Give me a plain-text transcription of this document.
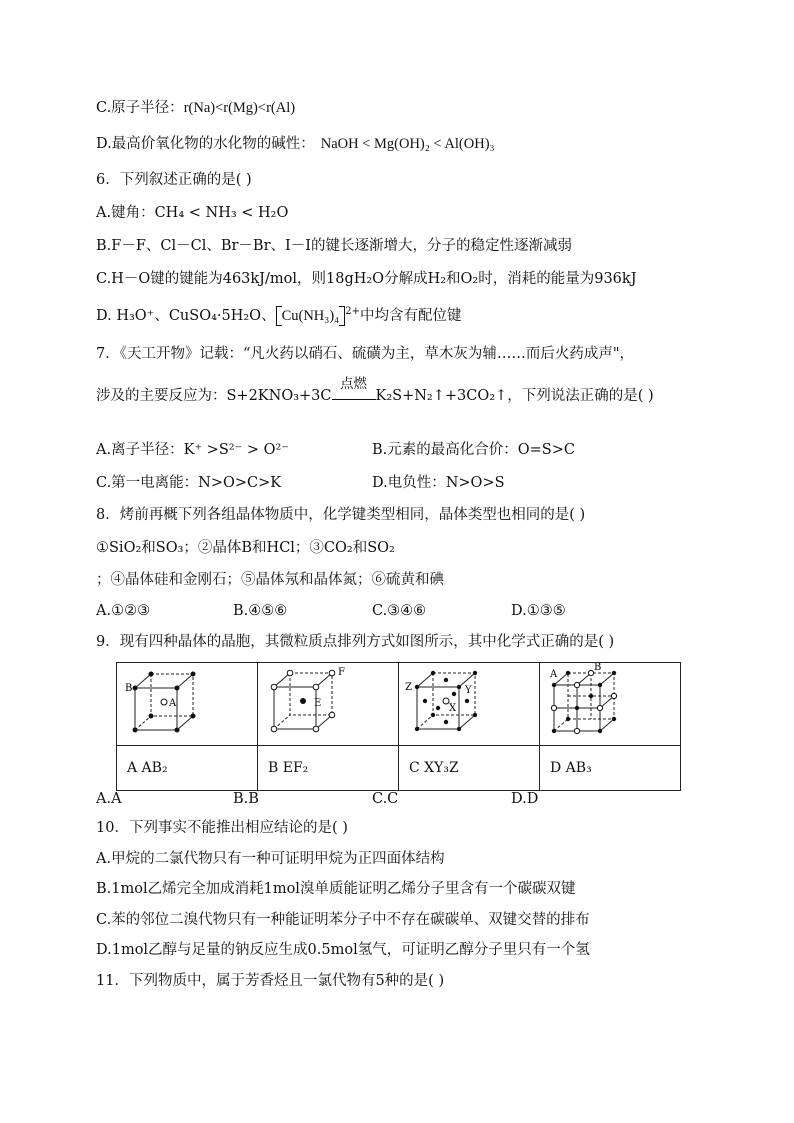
C.原子半径：r(Na)<r(Mg)<r(Al)
D.最高价氧化物的水化物的碱性： NaOH < Mg(OH)₂ < Al(OH)₃
6．下列叙述正确的是( )
A.键角：CH₄ < NH₃ < H₂O
B.F－F、Cl－Cl、Br－Br、I－I的键长逐渐增大，分子的稳定性逐渐减弱
C.H－O键的键能为463kJ/mol，则18gH₂O分解成H₂和O₂时，消耗的能量为936kJ
D. H₃O⁺、CuSO₄·5H₂O、 Cu(NH₃)₄ $^{2+}$中均含有配位键
7．《天工开物》记载：“凡火药以硝石、硫磺为主，草木灰为辅……而后火药成声"，
涉及的主要反应为：S+2KNO₃+3C
点燃
K₂S+N₂↑+3CO₂↑，下列说法正确的是( )
A.离子半径：K⁺ >S²⁻ > O²⁻	B.元素的最高化合价：O=S>C
C.第一电离能：N>O>C>K	D.电负性：N>O>S
8．烤前再概下列各组晶体物质中，化学键类型相同，晶体类型也相同的是( )
①SiO₂和SO₃；②晶体B和HCl；③CO₂和SO₂
；④晶体硅和金刚石；⑤晶体氖和晶体氮；⑥硫黄和碘
A.①②③	B.④⑤⑥	C.③④⑥	D.①③⑤
9．现有四种晶体的晶胞，其微粒质点排列方式如图所示，其中化学式正确的是( )
B
A	F
E	Z Y
X	A
B

A AB₂	B EF₂	C XY₃Z	D AB₃
A.A	B.B	C.C	D.D
10．下列事实不能推出相应结论的是( )
A.甲烷的二氯代物只有一种可证明甲烷为正四面体结构
B.1mol乙烯完全加成消耗1mol溴单质能证明乙烯分子里含有一个碳碳双键
C.苯的邻位二溴代物只有一种能证明苯分子中不存在碳碳单、双键交替的排布
D.1mol乙醇与足量的钠反应生成0.5mol氢气，可证明乙醇分子里只有一个氢
11．下列物质中，属于芳香烃且一氯代物有5种的是( )
